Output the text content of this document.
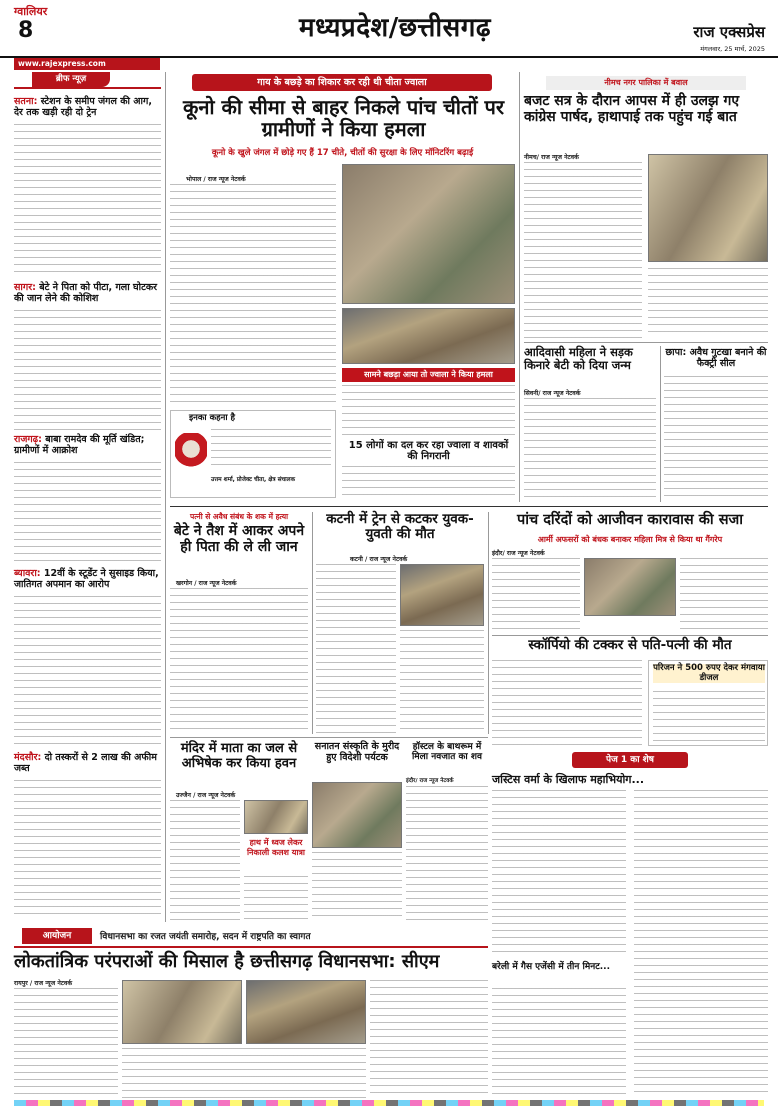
ग्वालियर
8	मध्यप्रदेश/छत्तीसगढ़	राज एक्सप्रेस
मंगलवार, 25 मार्च, 2025
www.rajexpress.com
ब्रीफ न्यूज़
सतना: स्टेशन के समीप जंगल की आग, देर तक खड़ी रही दो ट्रेन
सागर: बेटे ने पिता को पीटा, गला घोटकर की जान लेने की कोशिश
राजगढ़: बाबा रामदेव की मूर्ति खंडित; ग्रामीणों में आक्रोश
ब्यावरा: 12वीं के स्टूडेंट ने सुसाइड किया, जातिगत अपमान का आरोप
मंदसौर: दो तस्करों से 2 लाख की अफीम जब्त
गाय के बछड़े का शिकार कर रही थी चीता ज्वाला
कूनो की सीमा से बाहर निकले पांच चीतों पर ग्रामीणों ने किया हमला
कूनो के खुले जंगल में छोड़े गए हैं 17 चीते, चीतों की सुरक्षा के लिए मॉनिटरिंग बढ़ाई
भोपाल / राज न्यूज नेटवर्क
इनका कहना है
उत्तम शर्मा, प्रोजेक्ट चीता, क्षेत्र संचालक
सामने बछड़ा आया तो ज्वाला ने किया हमला
15 लोगों का दल कर रहा ज्वाला व शावकों की निगरानी
नीमच नगर पालिका में बवाल
बजट सत्र के दौरान आपस में ही उलझ गए कांग्रेस पार्षद, हाथापाई तक पहुंच गई बात
नीमच/ राज न्यूज नेटवर्क
आदिवासी महिला ने सड़क किनारे बेटी को दिया जन्म
सिवनी/ राज न्यूज नेटवर्क
छापा: अवैध गुटखा बनाने की फैक्ट्री सील
पत्नी से अवैध संबंध के शक में हत्या
बेटे ने तैश में आकर अपने ही पिता की ले ली जान
खरगोन / राज न्यूज नेटवर्क
कटनी में ट्रेन से कटकर युवक-युवती की मौत
कटनी / राज न्यूज नेटवर्क
पांच दरिंदों को आजीवन कारावास की सजा
आर्मी अफसरों को बंधक बनाकर महिला मित्र से किया था गैंगरेप
इंदौर/ राज न्यूज नेटवर्क
स्कॉर्पियो की टक्कर से पति-पत्नी की मौत
परिजन ने 500 रुपए देकर मंगवाया डीजल
मंदिर में माता का जल से अभिषेक कर किया हवन
उज्जैन / राज न्यूज नेटवर्क
हाथ में ध्वज लेकर निकाली कलश यात्रा
सनातन संस्कृति के मुरीद हुए विदेशी पर्यटक
हॉस्टल के बाथरूम में मिला नवजात का शव
इंदौर/ राज न्यूज नेटवर्क
पेज 1 का शेष
जस्टिस वर्मा के खिलाफ महाभियोग...
बरेली में गैस एजेंसी में तीन मिनट...
आयोजन	विधानसभा का रजत जयंती समारोह, सदन में राष्ट्रपति का स्वागत
लोकतांत्रिक परंपराओं की मिसाल है छत्तीसगढ़ विधानसभा: सीएम
रायपुर / राज न्यूज नेटवर्क
